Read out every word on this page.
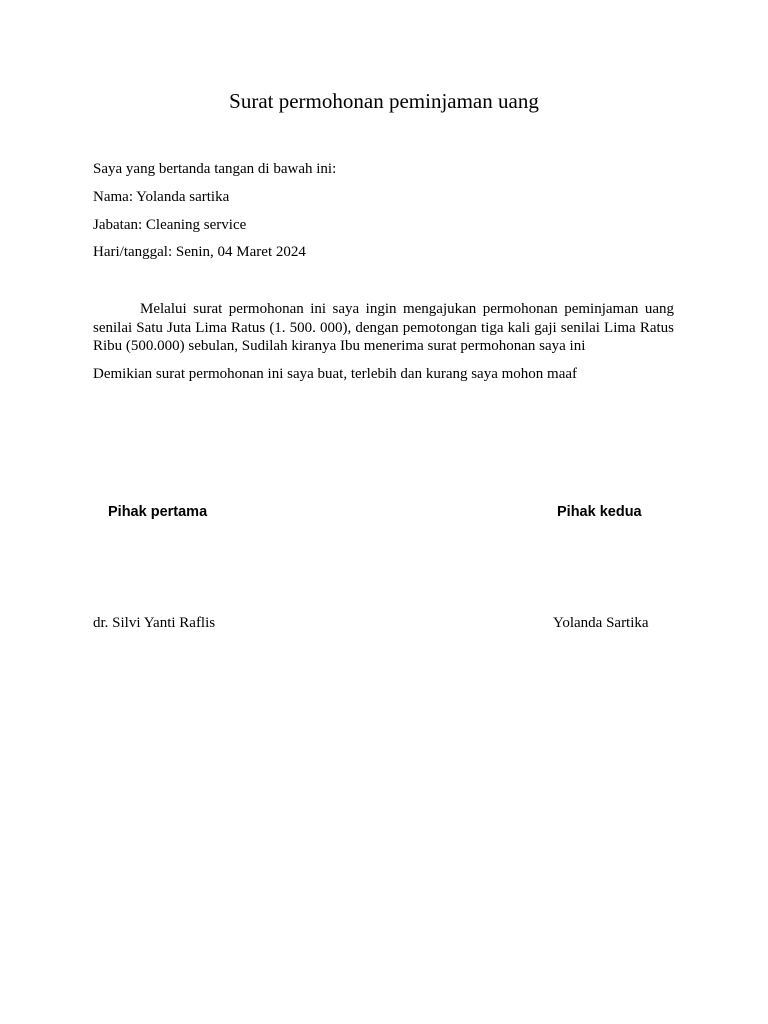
Surat permohonan peminjaman uang

Saya yang bertanda tangan di bawah ini:

Nama: Yolanda sartika

Jabatan: Cleaning service

Hari/tanggal: Senin, 04 Maret 2024

Melalui surat permohonan ini saya ingin mengajukan permohonan peminjaman uang senilai Satu Juta Lima Ratus (1. 500. 000), dengan pemotongan tiga kali gaji senilai Lima Ratus Ribu (500.000) sebulan, Sudilah kiranya Ibu menerima surat permohonan saya ini

Demikian surat permohonan ini saya buat, terlebih dan kurang saya mohon maaf

Pihak pertama	Pihak kedua

dr. Silvi Yanti Raflis	Yolanda Sartika
